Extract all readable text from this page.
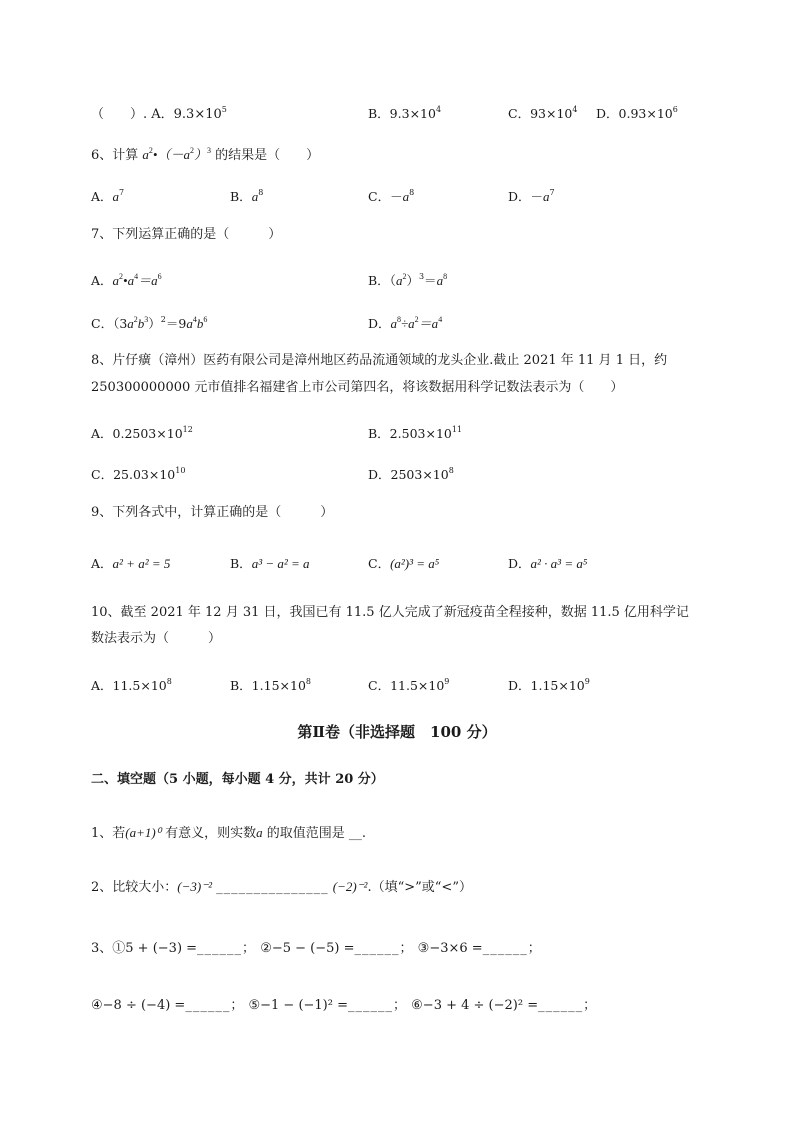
（　　）. A．$9.3\times 10^5$	B．$9.3\times 10^4$	C．$93\times 10^4$ D．$0.93\times 10^6$
6、计算 $a^2•(-a^2)^3$ 的结果是（　　）
A．$a^7$	B．$a^8$	C．$-a^8$	D．$-a^7$
7、下列运算正确的是（　　　）
A．$a^2•a^4=a^6$	B．$(a^2)^3=a^8$
C．$(3a^2b^3)^2=9a^4b^6$	D．$a^8\div a^2=a^4$
8、片仔癀（漳州）医药有限公司是漳州地区药品流通领域的龙头企业.截止 2021 年 11 月 1 日，约
250300000000 元市值排名福建省上市公司第四名，将该数据用科学记数法表示为（　　）
A．$0.2503\times 10^{12}$	B．$2.503\times 10^{11}$
C．$25.03\times 10^{10}$	D．$2503\times 10^8$
9、下列各式中，计算正确的是（　　　）
A．a² + a² = 5	B．a³ − a² = a	C．(a²)³ = a⁵	D．a² · a³ = a⁵
10、截至 2021 年 12 月 31 日，我国已有 11.5 亿人完成了新冠疫苗全程接种，数据 11.5 亿用科学记
数法表示为（　　　）
A．$11.5\times 10^8$	B．$1.15\times 10^8$	C．$11.5\times 10^9$	D．$1.15\times 10^9$
第Ⅱ卷（非选择题　100 分）
二、填空题（5 小题，每小题 4 分，共计 20 分）
1、若(a+1)⁰ 有意义，则实数a 的取值范围是 __.
2、比较大小：(−3)⁻² _______________ (−2)⁻².（填“>”或“<”）
3、①5 + (−3) =______； ②−5 − (−5) =______； ③−3×6 =______；
④−8 ÷ (−4) =______； ⑤−1 − (−1)² =______； ⑥−3 + 4 ÷ (−2)² =______；
